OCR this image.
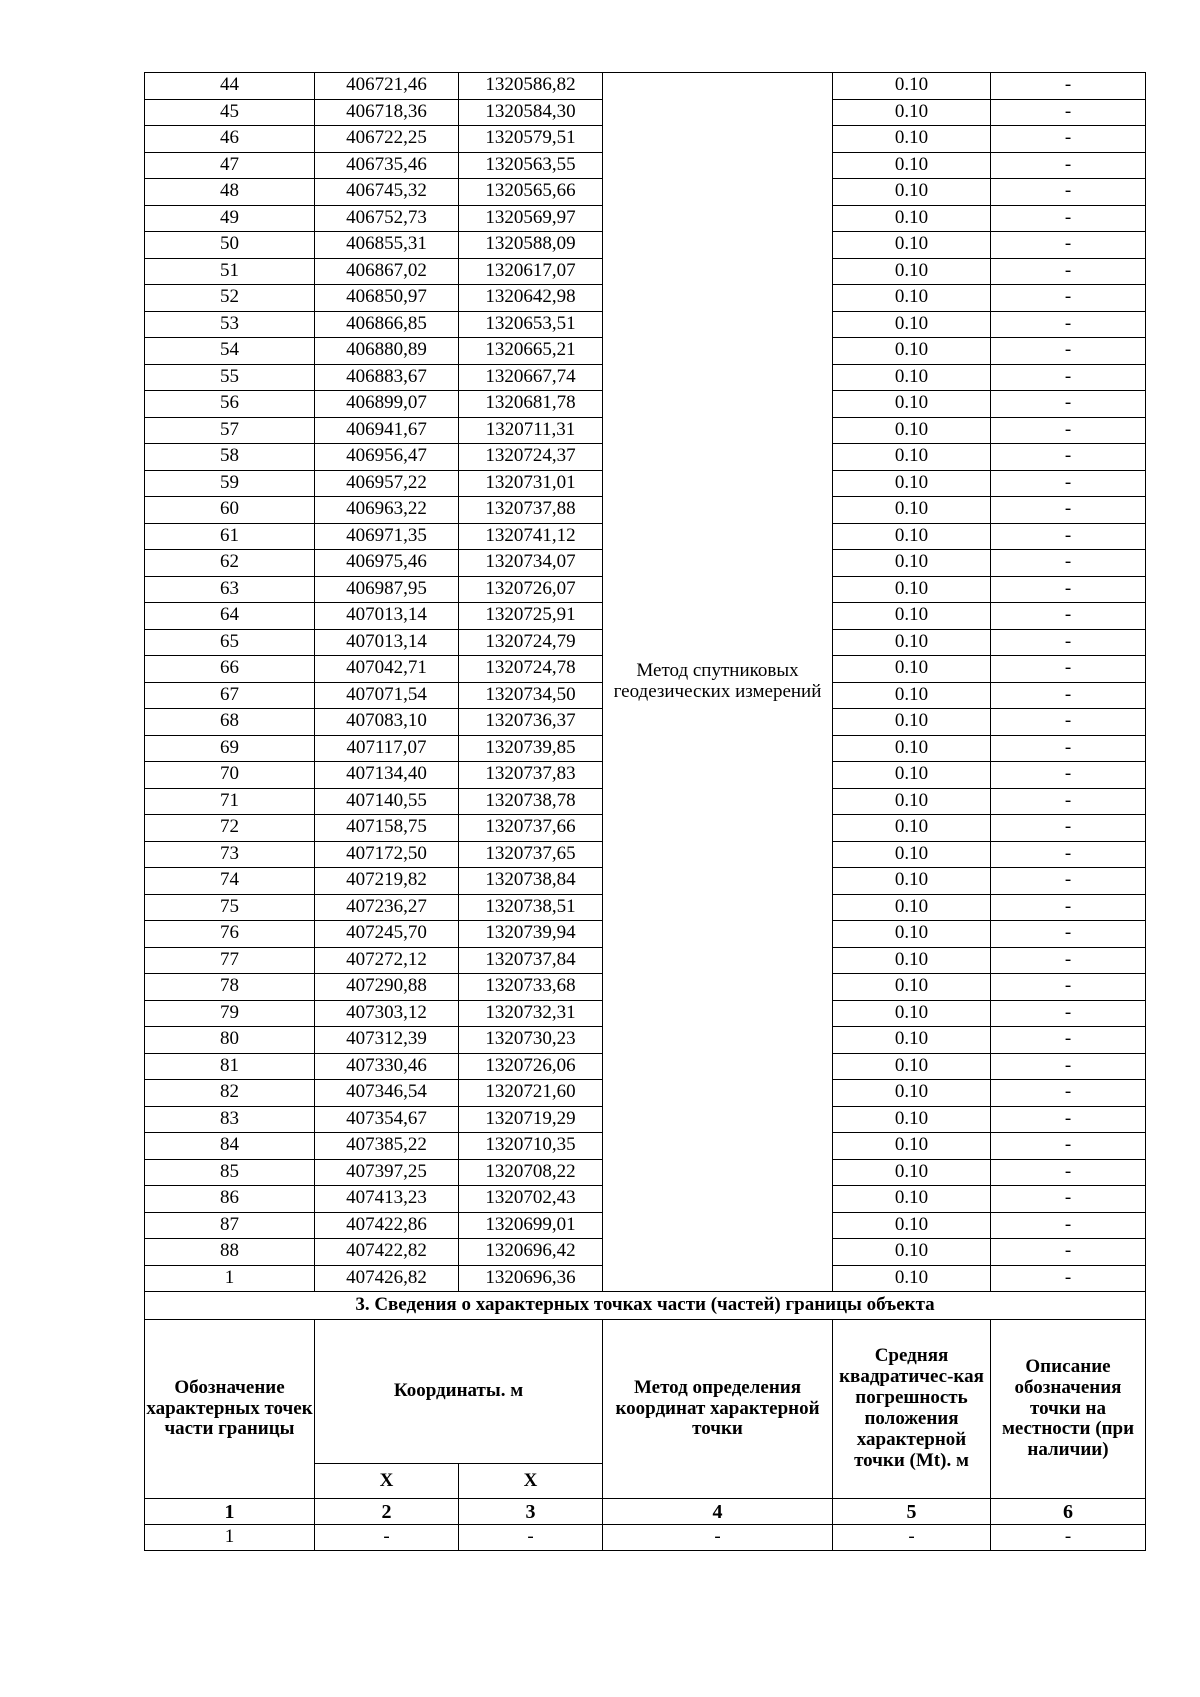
44	406721,46	1320586,82	Метод спутниковых геодезических измерений	0.10	-
45	406718,36	1320584,30		0.10	-
46	406722,25	1320579,51		0.10	-
47	406735,46	1320563,55		0.10	-
48	406745,32	1320565,66		0.10	-
49	406752,73	1320569,97		0.10	-
50	406855,31	1320588,09		0.10	-
51	406867,02	1320617,07		0.10	-
52	406850,97	1320642,98		0.10	-
53	406866,85	1320653,51		0.10	-
54	406880,89	1320665,21		0.10	-
55	406883,67	1320667,74		0.10	-
56	406899,07	1320681,78		0.10	-
57	406941,67	1320711,31		0.10	-
58	406956,47	1320724,37		0.10	-
59	406957,22	1320731,01		0.10	-
60	406963,22	1320737,88		0.10	-
61	406971,35	1320741,12		0.10	-
62	406975,46	1320734,07		0.10	-
63	406987,95	1320726,07		0.10	-
64	407013,14	1320725,91		0.10	-
65	407013,14	1320724,79		0.10	-
66	407042,71	1320724,78		0.10	-
67	407071,54	1320734,50		0.10	-
68	407083,10	1320736,37		0.10	-
69	407117,07	1320739,85		0.10	-
70	407134,40	1320737,83		0.10	-
71	407140,55	1320738,78		0.10	-
72	407158,75	1320737,66		0.10	-
73	407172,50	1320737,65		0.10	-
74	407219,82	1320738,84		0.10	-
75	407236,27	1320738,51		0.10	-
76	407245,70	1320739,94		0.10	-
77	407272,12	1320737,84		0.10	-
78	407290,88	1320733,68		0.10	-
79	407303,12	1320732,31		0.10	-
80	407312,39	1320730,23		0.10	-
81	407330,46	1320726,06		0.10	-
82	407346,54	1320721,60		0.10	-
83	407354,67	1320719,29		0.10	-
84	407385,22	1320710,35		0.10	-
85	407397,25	1320708,22		0.10	-
86	407413,23	1320702,43		0.10	-
87	407422,86	1320699,01		0.10	-
88	407422,82	1320696,42		0.10	-
1	407426,82	1320696,36		0.10	-
3. Сведения о характерных точках части (частей) границы объекта					
Обозначение характерных точек части границы	Координаты. м		Метод определения координат характерной точки	Средняя квадратичес-кая погрешность положения характерной точки (Mt). м	Описание обозначения точки на местности (при наличии)
	X	X			
1	2	3	4	5	6
1	-	-	-	-	-
